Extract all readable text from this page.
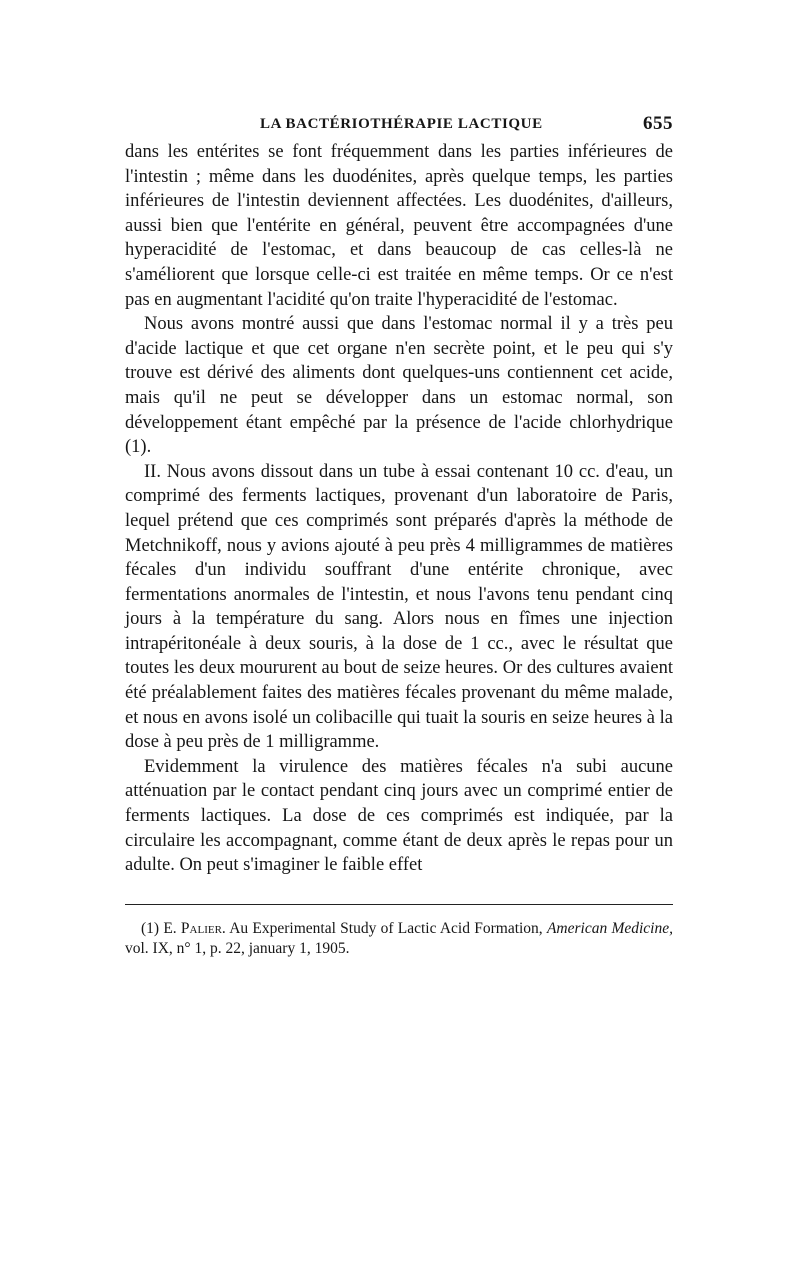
LA BACTÉRIOTHÉRAPIE LACTIQUE	655

dans les entérites se font fréquemment dans les parties inférieures de l'intestin ; même dans les duodénites, après quelque temps, les parties inférieures de l'intestin deviennent affectées. Les duodénites, d'ailleurs, aussi bien que l'entérite en général, peuvent être accompagnées d'une hyperacidité de l'estomac, et dans beaucoup de cas celles-là ne s'améliorent que lorsque celle-ci est traitée en même temps. Or ce n'est pas en augmentant l'acidité qu'on traite l'hyperacidité de l'estomac.

Nous avons montré aussi que dans l'estomac normal il y a très peu d'acide lactique et que cet organe n'en secrète point, et le peu qui s'y trouve est dérivé des aliments dont quelques-uns contiennent cet acide, mais qu'il ne peut se développer dans un estomac normal, son développement étant empêché par la présence de l'acide chlorhydrique (1).

II. Nous avons dissout dans un tube à essai contenant 10 cc. d'eau, un comprimé des ferments lactiques, provenant d'un laboratoire de Paris, lequel prétend que ces comprimés sont préparés d'après la méthode de Metchnikoff, nous y avions ajouté à peu près 4 milligrammes de matières fécales d'un individu souffrant d'une entérite chronique, avec fermentations anormales de l'intestin, et nous l'avons tenu pendant cinq jours à la température du sang. Alors nous en fîmes une injection intrapéritonéale à deux souris, à la dose de 1 cc., avec le résultat que toutes les deux moururent au bout de seize heures. Or des cultures avaient été préalablement faites des matières fécales provenant du même malade, et nous en avons isolé un colibacille qui tuait la souris en seize heures à la dose à peu près de 1 milligramme.

Evidemment la virulence des matières fécales n'a subi aucune atténuation par le contact pendant cinq jours avec un comprimé entier de ferments lactiques. La dose de ces comprimés est indiquée, par la circulaire les accompagnant, comme étant de deux après le repas pour un adulte. On peut s'imaginer le faible effet

(1) E. Palier. Au Experimental Study of Lactic Acid Formation, American Medicine, vol. IX, n° 1, p. 22, january 1, 1905.
